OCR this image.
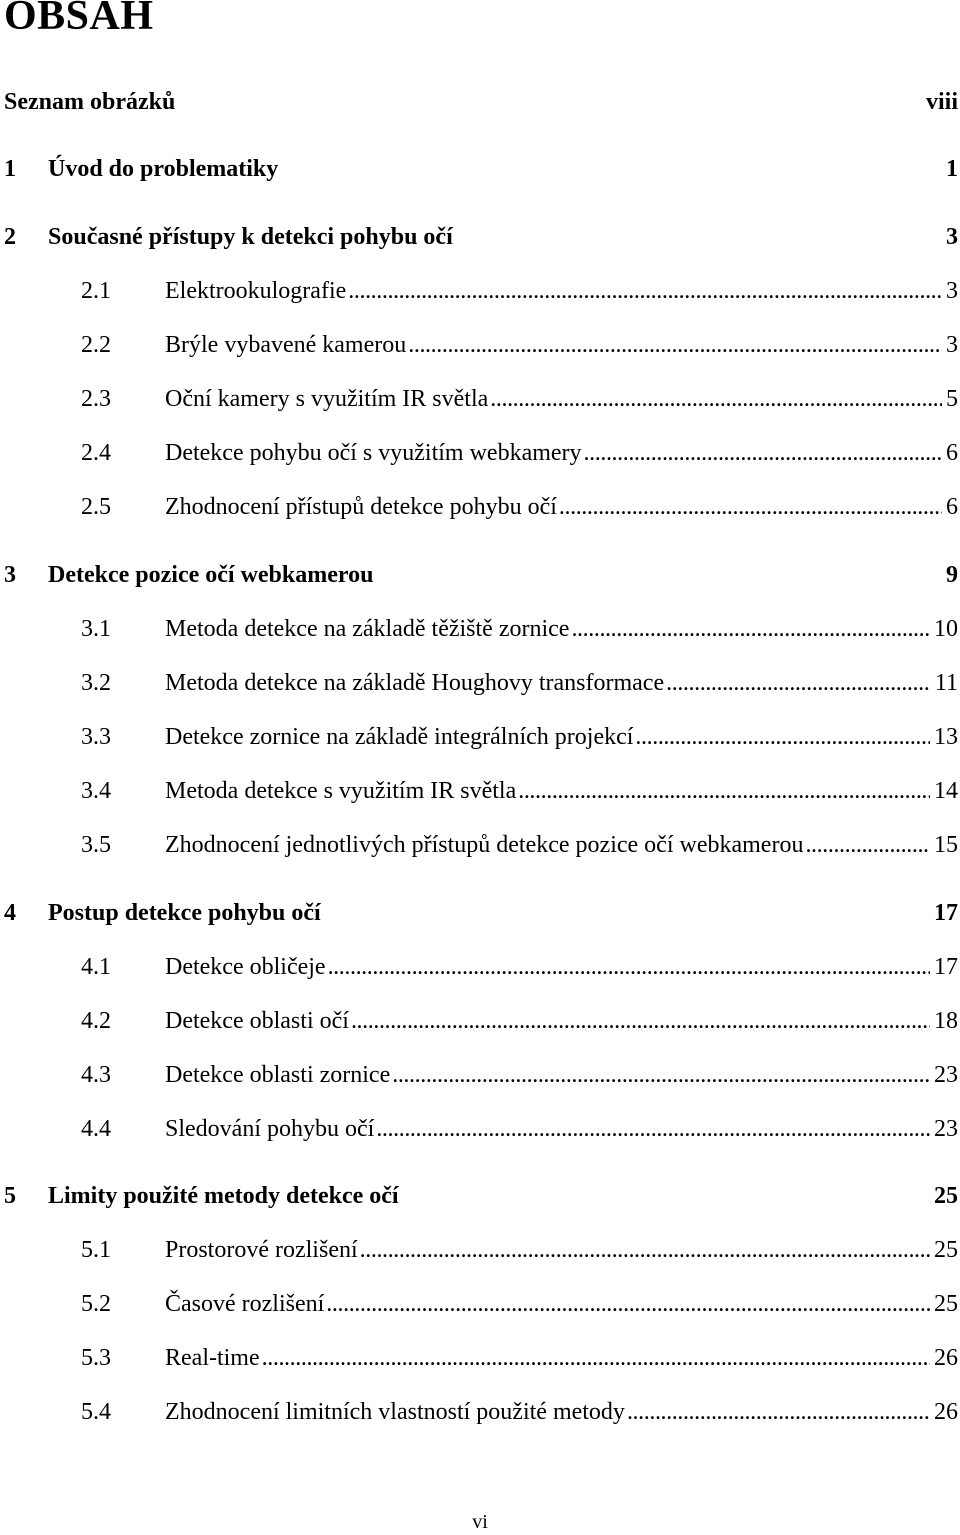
OBSAH
Seznam obrázků	viii
1 Úvod do problematiky	1
2 Současné přístupy k detekci pohybu očí	3
2.1 Elektrookulografie . . .	3
2.2 Brýle vybavené kamerou . . .	3
2.3 Oční kamery s využitím IR světla . . .	5
2.4 Detekce pohybu očí s využitím webkamery . . .	6
2.5 Zhodnocení přístupů detekce pohybu očí . . .	6
3 Detekce pozice očí webkamerou	9
3.1 Metoda detekce na základě těžiště zornice . . .	10
3.2 Metoda detekce na základě Houghovy transformace . . .	11
3.3 Detekce zornice na základě integrálních projekcí . . .	13
3.4 Metoda detekce s využitím IR světla . . .	14
3.5 Zhodnocení jednotlivých přístupů detekce pozice očí webkamerou . . .	15
4 Postup detekce pohybu očí	17
4.1 Detekce obličeje . . .	17
4.2 Detekce oblasti očí . . .	18
4.3 Detekce oblasti zornice . . .	23
4.4 Sledování pohybu očí . . .	23
5 Limity použité metody detekce očí	25
5.1 Prostorové rozlišení . . .	25
5.2 Časové rozlišení . . .	25
5.3 Real-time . . .	26
5.4 Zhodnocení limitních vlastností použité metody . . .	26
vi
